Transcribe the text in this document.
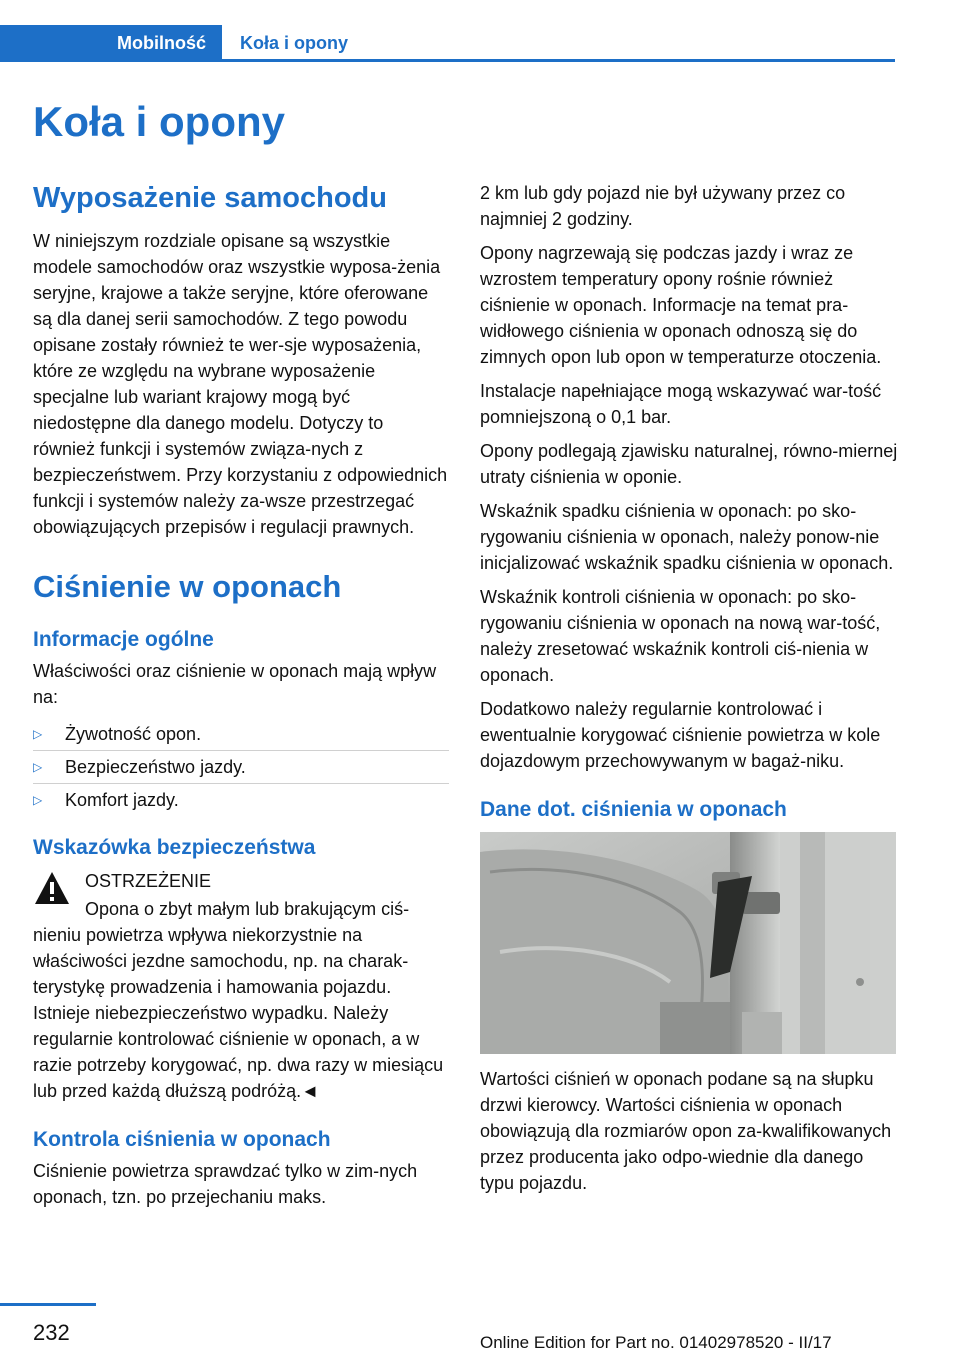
Mobilność Koła i opony
Koła i opony
Wyposażenie samochodu

W niniejszym rozdziale opisane są wszystkie modele samochodów oraz wszystkie wyposa-żenia seryjne, krajowe a także seryjne, które oferowane są dla danej serii samochodów. Z tego powodu opisane zostały również te wer-sje wyposażenia, które ze względu na wybrane wyposażenie specjalne lub wariant krajowy mogą być niedostępne dla danego modelu. Dotyczy to również funkcji i systemów związa-nych z bezpieczeństwem. Przy korzystaniu z odpowiednich funkcji i systemów należy za-wsze przestrzegać obowiązujących przepisów i regulacji prawnych.

Ciśnienie w oponach
Informacje ogólne

Właściwości oraz ciśnienie w oponach mają wpływ na:

▷	Żywotność opon.
▷	Bezpieczeństwo jazdy.
▷	Komfort jazdy.
Wskazówka bezpieczeństwa
OSTRZEŻENIE

Opona o zbyt małym lub brakującym ciś-nieniu powietrza wpływa niekorzystnie na właściwości jezdne samochodu, np. na charak-terystykę prowadzenia i hamowania pojazdu. Istnieje niebezpieczeństwo wypadku. Należy regularnie kontrolować ciśnienie w oponach, a w razie potrzeby korygować, np. dwa razy w miesiącu lub przed każdą dłuższą podróżą.◄

Kontrola ciśnienia w oponach

Ciśnienie powietrza sprawdzać tylko w zim-nych oponach, tzn. po przejechaniu maks.

2 km lub gdy pojazd nie był używany przez co najmniej 2 godziny.

Opony nagrzewają się podczas jazdy i wraz ze wzrostem temperatury opony rośnie również ciśnienie w oponach. Informacje na temat pra-widłowego ciśnienia w oponach odnoszą się do zimnych opon lub opon w temperaturze otoczenia.

Instalacje napełniające mogą wskazywać war-tość pomniejszoną o 0,1 bar.

Opony podlegają zjawisku naturalnej, równo-miernej utraty ciśnienia w oponie.

Wskaźnik spadku ciśnienia w oponach: po sko-rygowaniu ciśnienia w oponach, należy ponow-nie inicjalizować wskaźnik spadku ciśnienia w oponach.

Wskaźnik kontroli ciśnienia w oponach: po sko-rygowaniu ciśnienia w oponach na nową war-tość, należy zresetować wskaźnik kontroli ciś-nienia w oponach.

Dodatkowo należy regularnie kontrolować i ewentualnie korygować ciśnienie powietrza w kole dojazdowym przechowywanym w bagaż-niku.

Dane dot. ciśnienia w oponach

Wartości ciśnień w oponach podane są na słupku drzwi kierowcy. Wartości ciśnienia w oponach obowiązują dla rozmiarów opon za-kwalifikowanych przez producenta jako odpo-wiednie dla danego typu pojazdu.

232	Online Edition for Part no. 01402978520 - II/17
